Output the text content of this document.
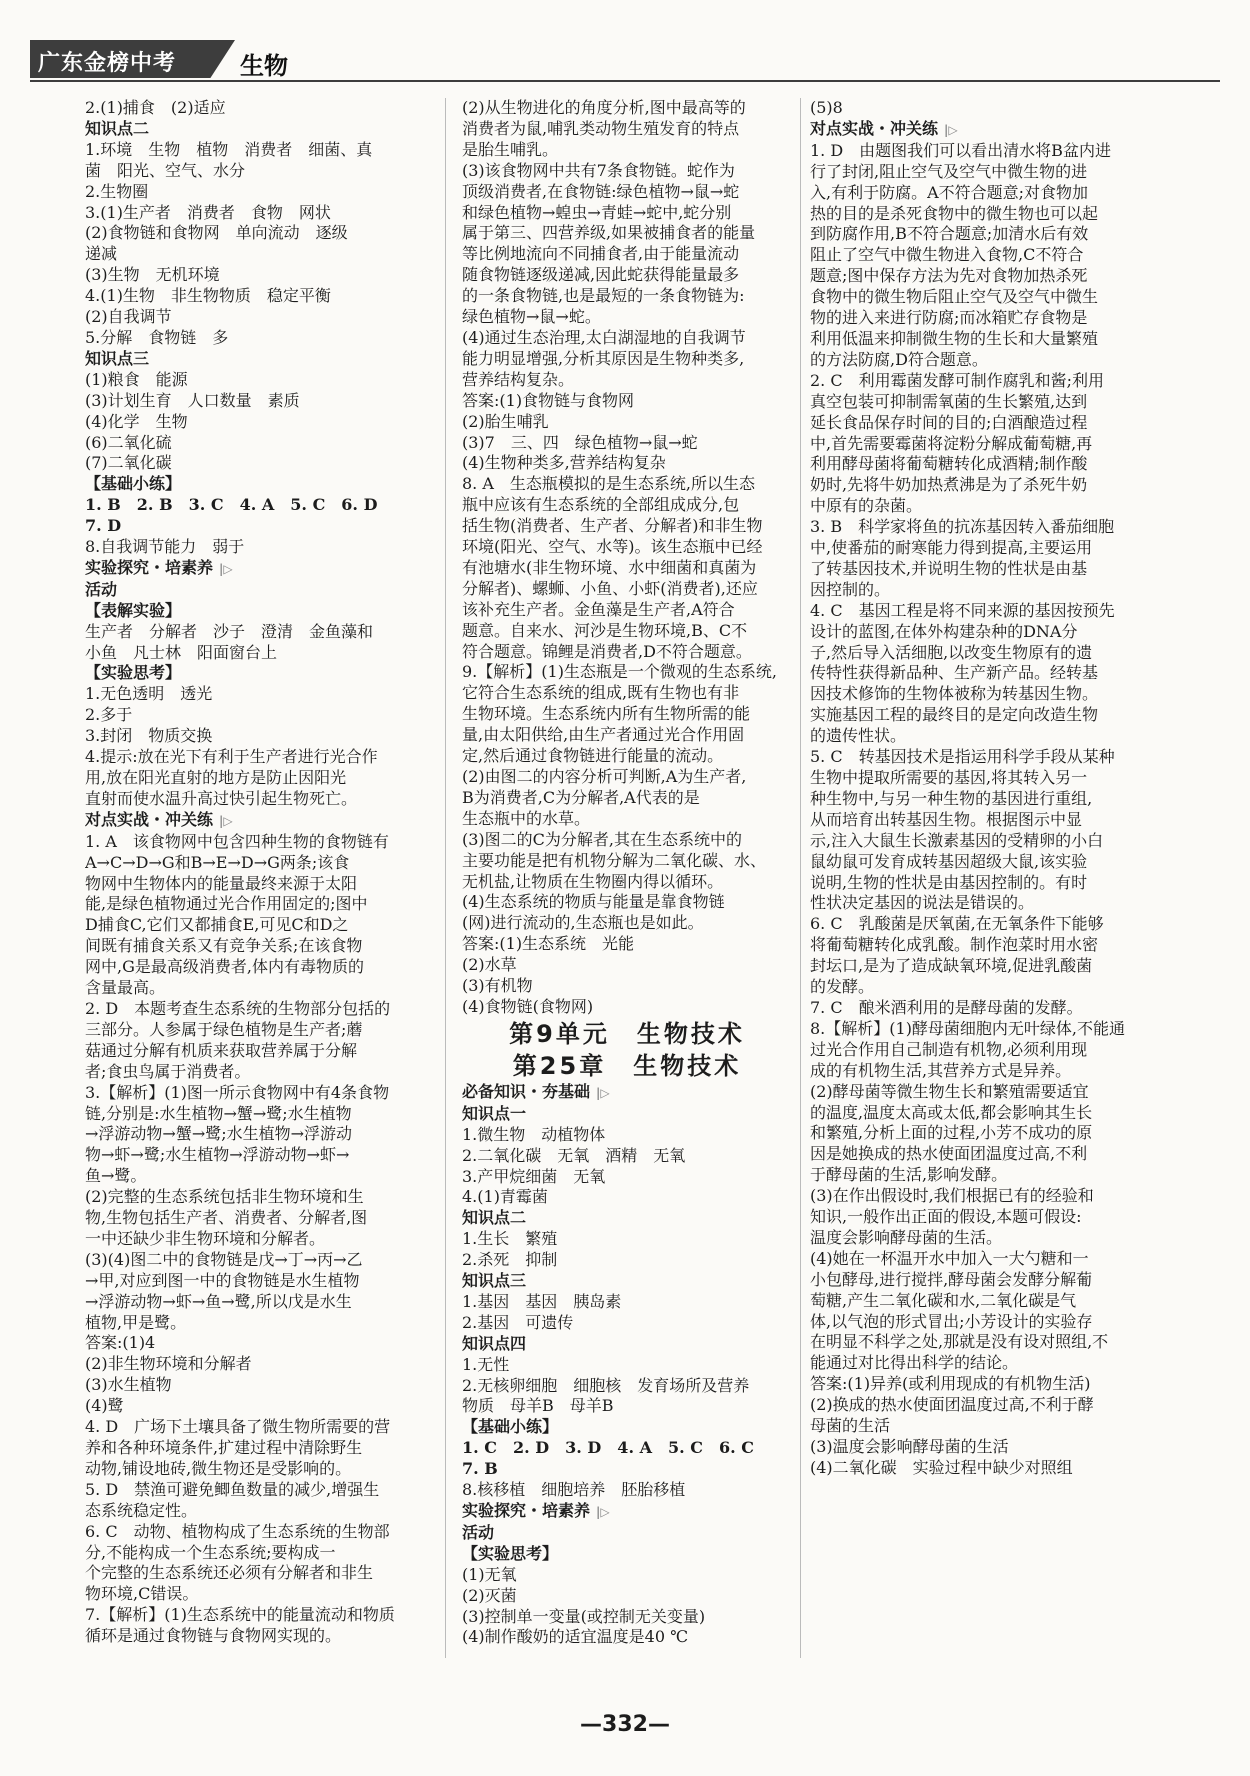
广东金榜中考	生物
2.(1)捕食　(2)适应
知识点二
1.环境　生物　植物　消费者　细菌、真
菌　阳光、空气、水分
2.生物圈
3.(1)生产者　消费者　食物　网状
(2)食物链和食物网　单向流动　逐级
递减
(3)生物　无机环境
4.(1)生物　非生物物质　稳定平衡
(2)自我调节
5.分解　食物链　多
知识点三
(1)粮食　能源
(3)计划生育　人口数量　素质
(4)化学　生物
(6)二氧化硫
(7)二氧化碳
【基础小练】
1. B　2. B　3. C　4. A　5. C　6. D
7. D
8.自我调节能力　弱于
实验探究・培素养 |▷
活动
【表解实验】
生产者　分解者　沙子　澄清　金鱼藻和
小鱼　凡士林　阳面窗台上
【实验思考】
1.无色透明　透光
2.多于
3.封闭　物质交换
4.提示:放在光下有利于生产者进行光合作
用,放在阳光直射的地方是防止因阳光
直射而使水温升高过快引起生物死亡。
对点实战・冲关练 |▷
1. A　该食物网中包含四种生物的食物链有
A→C→D→G和B→E→D→G两条;该食
物网中生物体内的能量最终来源于太阳
能,是绿色植物通过光合作用固定的;图中
D捕食C,它们又都捕食E,可见C和D之
间既有捕食关系又有竞争关系;在该食物
网中,G是最高级消费者,体内有毒物质的
含量最高。
2. D　本题考查生态系统的生物部分包括的
三部分。人参属于绿色植物是生产者;蘑
菇通过分解有机质来获取营养属于分解
者;食虫鸟属于消费者。
3.【解析】(1)图一所示食物网中有4条食物
链,分别是:水生植物→蟹→鹭;水生植物
→浮游动物→蟹→鹭;水生植物→浮游动
物→虾→鹭;水生植物→浮游动物→虾→
鱼→鹭。
(2)完整的生态系统包括非生物环境和生
物,生物包括生产者、消费者、分解者,图
一中还缺少非生物环境和分解者。
(3)(4)图二中的食物链是戊→丁→丙→乙
→甲,对应到图一中的食物链是水生植物
→浮游动物→虾→鱼→鹭,所以戊是水生
植物,甲是鹭。
答案:(1)4
(2)非生物环境和分解者
(3)水生植物
(4)鹭
4. D　广场下土壤具备了微生物所需要的营
养和各种环境条件,扩建过程中清除野生
动物,铺设地砖,微生物还是受影响的。
5. D　禁渔可避免鲫鱼数量的减少,增强生
态系统稳定性。
6. C　动物、植物构成了生态系统的生物部
分,不能构成一个生态系统;要构成一
个完整的生态系统还必须有分解者和非生
物环境,C错误。
7.【解析】(1)生态系统中的能量流动和物质
循环是通过食物链与食物网实现的。
(2)从生物进化的角度分析,图中最高等的
消费者为鼠,哺乳类动物生殖发育的特点
是胎生哺乳。
(3)该食物网中共有7条食物链。蛇作为
顶级消费者,在食物链:绿色植物→鼠→蛇
和绿色植物→蝗虫→青蛙→蛇中,蛇分别
属于第三、四营养级,如果被捕食者的能量
等比例地流向不同捕食者,由于能量流动
随食物链逐级递减,因此蛇获得能量最多
的一条食物链,也是最短的一条食物链为:
绿色植物→鼠→蛇。
(4)通过生态治理,太白湖湿地的自我调节
能力明显增强,分析其原因是生物种类多,
营养结构复杂。
答案:(1)食物链与食物网
(2)胎生哺乳
(3)7　三、四　绿色植物→鼠→蛇
(4)生物种类多,营养结构复杂
8. A　生态瓶模拟的是生态系统,所以生态
瓶中应该有生态系统的全部组成成分,包
括生物(消费者、生产者、分解者)和非生物
环境(阳光、空气、水等)。该生态瓶中已经
有池塘水(非生物环境、水中细菌和真菌为
分解者)、螺蛳、小鱼、小虾(消费者),还应
该补充生产者。金鱼藻是生产者,A符合
题意。自来水、河沙是生物环境,B、C不
符合题意。锦鲤是消费者,D不符合题意。
9.【解析】(1)生态瓶是一个微观的生态系统,
它符合生态系统的组成,既有生物也有非
生物环境。生态系统内所有生物所需的能
量,由太阳供给,由生产者通过光合作用固
定,然后通过食物链进行能量的流动。
(2)由图二的内容分析可判断,A为生产者,
B为消费者,C为分解者,A代表的是
生态瓶中的水草。
(3)图二的C为分解者,其在生态系统中的
主要功能是把有机物分解为二氧化碳、水、
无机盐,让物质在生物圈内得以循环。
(4)生态系统的物质与能量是靠食物链
(网)进行流动的,生态瓶也是如此。
答案:(1)生态系统　光能
(2)水草
(3)有机物
(4)食物链(食物网)
第9单元　生物技术
第25章　生物技术
必备知识・夯基础 |▷
知识点一
1.微生物　动植物体
2.二氧化碳　无氧　酒精　无氧
3.产甲烷细菌　无氧
4.(1)青霉菌
知识点二
1.生长　繁殖
2.杀死　抑制
知识点三
1.基因　基因　胰岛素
2.基因　可遗传
知识点四
1.无性
2.无核卵细胞　细胞核　发育场所及营养
物质　母羊B　母羊B
【基础小练】
1. C　2. D　3. D　4. A　5. C　6. C
7. B
8.核移植　细胞培养　胚胎移植
实验探究・培素养 |▷
活动
【实验思考】
(1)无氧
(2)灭菌
(3)控制单一变量(或控制无关变量)
(4)制作酸奶的适宜温度是40 ℃
(5)8
对点实战・冲关练 |▷
1. D　由题图我们可以看出清水将B盆内进
行了封闭,阻止空气及空气中微生物的进
入,有利于防腐。A不符合题意;对食物加
热的目的是杀死食物中的微生物也可以起
到防腐作用,B不符合题意;加清水后有效
阻止了空气中微生物进入食物,C不符合
题意;图中保存方法为先对食物加热杀死
食物中的微生物后阻止空气及空气中微生
物的进入来进行防腐;而冰箱贮存食物是
利用低温来抑制微生物的生长和大量繁殖
的方法防腐,D符合题意。
2. C　利用霉菌发酵可制作腐乳和酱;利用
真空包装可抑制需氧菌的生长繁殖,达到
延长食品保存时间的目的;白酒酿造过程
中,首先需要霉菌将淀粉分解成葡萄糖,再
利用酵母菌将葡萄糖转化成酒精;制作酸
奶时,先将牛奶加热煮沸是为了杀死牛奶
中原有的杂菌。
3. B　科学家将鱼的抗冻基因转入番茄细胞
中,使番茄的耐寒能力得到提高,主要运用
了转基因技术,并说明生物的性状是由基
因控制的。
4. C　基因工程是将不同来源的基因按预先
设计的蓝图,在体外构建杂种的DNA分
子,然后导入活细胞,以改变生物原有的遗
传特性获得新品种、生产新产品。经转基
因技术修饰的生物体被称为转基因生物。
实施基因工程的最终目的是定向改造生物
的遗传性状。
5. C　转基因技术是指运用科学手段从某种
生物中提取所需要的基因,将其转入另一
种生物中,与另一种生物的基因进行重组,
从而培育出转基因生物。根据图示中显
示,注入大鼠生长激素基因的受精卵的小白
鼠幼鼠可发育成转基因超级大鼠,该实验
说明,生物的性状是由基因控制的。有时
性状决定基因的说法是错误的。
6. C　乳酸菌是厌氧菌,在无氧条件下能够
将葡萄糖转化成乳酸。制作泡菜时用水密
封坛口,是为了造成缺氧环境,促进乳酸菌
的发酵。
7. C　酿米酒利用的是酵母菌的发酵。
8.【解析】(1)酵母菌细胞内无叶绿体,不能通
过光合作用自己制造有机物,必须利用现
成的有机物生活,其营养方式是异养。
(2)酵母菌等微生物生长和繁殖需要适宜
的温度,温度太高或太低,都会影响其生长
和繁殖,分析上面的过程,小芳不成功的原
因是她换成的热水使面团温度过高,不利
于酵母菌的生活,影响发酵。
(3)在作出假设时,我们根据已有的经验和
知识,一般作出正面的假设,本题可假设:
温度会影响酵母菌的生活。
(4)她在一杯温开水中加入一大勺糖和一
小包酵母,进行搅拌,酵母菌会发酵分解葡
萄糖,产生二氧化碳和水,二氧化碳是气
体,以气泡的形式冒出;小芳设计的实验存
在明显不科学之处,那就是没有设对照组,不
能通过对比得出科学的结论。
答案:(1)异养(或利用现成的有机物生活)
(2)换成的热水使面团温度过高,不利于酵
母菌的生活
(3)温度会影响酵母菌的生活
(4)二氧化碳　实验过程中缺少对照组
—332—
